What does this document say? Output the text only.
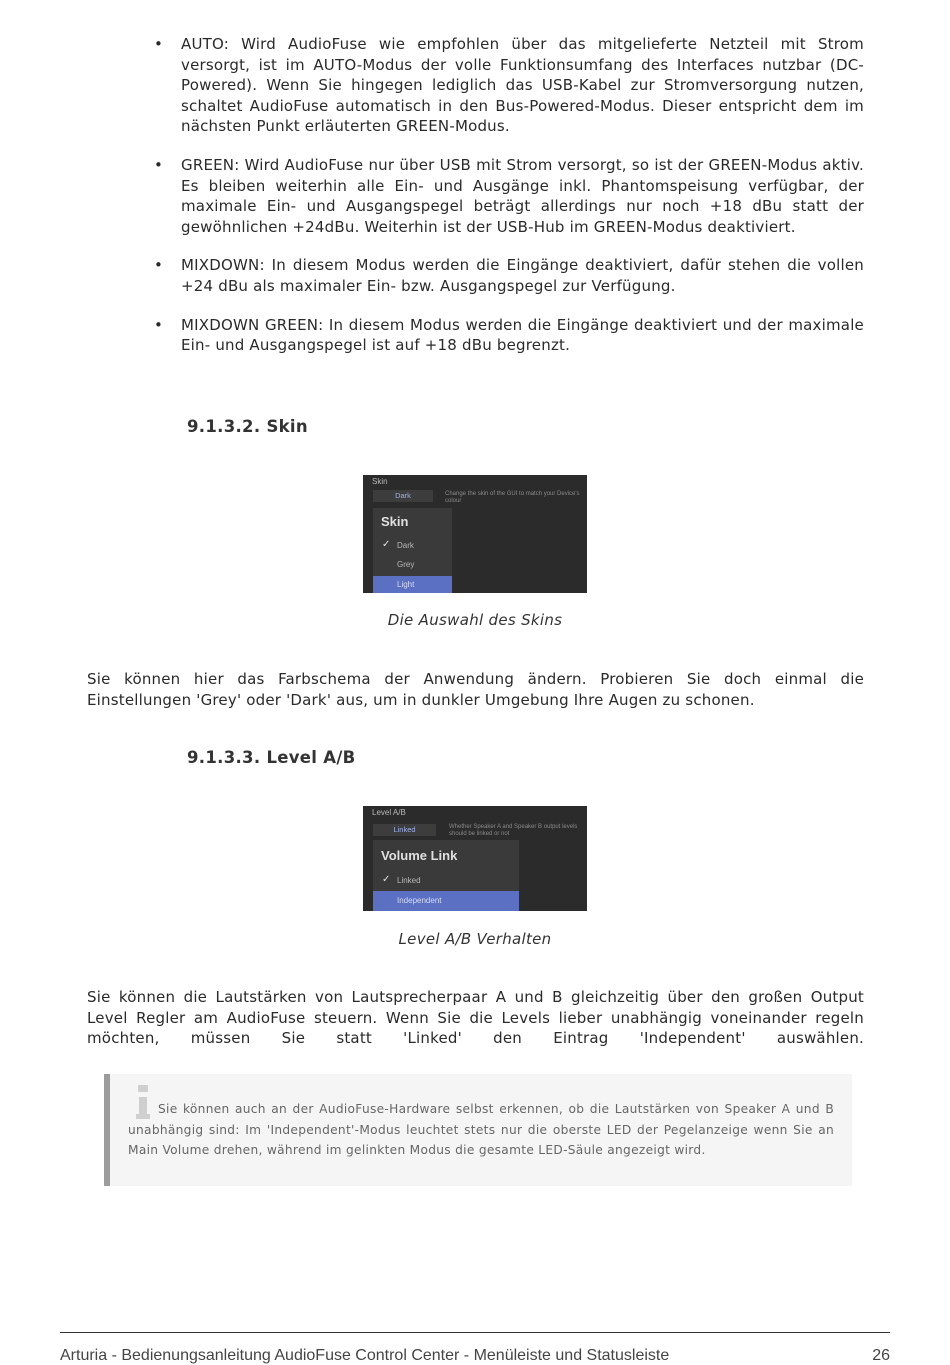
• AUTO: Wird AudioFuse wie empfohlen über das mitgelieferte Netzteil mit Strom versorgt, ist im AUTO-Modus der volle Funktionsumfang des Interfaces nutzbar (DC-Powered). Wenn Sie hingegen lediglich das USB-Kabel zur Stromversorgung nutzen, schaltet AudioFuse automatisch in den Bus-Powered-Modus. Dieser entspricht dem im nächsten Punkt erläuterten GREEN-Modus.
• GREEN: Wird AudioFuse nur über USB mit Strom versorgt, so ist der GREEN-Modus aktiv. Es bleiben weiterhin alle Ein- und Ausgänge inkl. Phantomspeisung verfügbar, der maximale Ein- und Ausgangspegel beträgt allerdings nur noch +18 dBu statt der gewöhnlichen +24dBu. Weiterhin ist der USB-Hub im GREEN-Modus deaktiviert.
• MIXDOWN: In diesem Modus werden die Eingänge deaktiviert, dafür stehen die vollen +24 dBu als maximaler Ein- bzw. Ausgangspegel zur Verfügung.
• MIXDOWN GREEN: In diesem Modus werden die Eingänge deaktiviert und der maximale Ein- und Ausgangspegel ist auf +18 dBu begrenzt.
9.1.3.2. Skin
Skin
Dark	Change the skin of the GUI to match your Device's colour
Skin
✓ Dark
Grey
Light
Die Auswahl des Skins
Sie können hier das Farbschema der Anwendung ändern. Probieren Sie doch einmal die Einstellungen 'Grey' oder 'Dark' aus, um in dunkler Umgebung Ihre Augen zu schonen.
9.1.3.3. Level A/B
Level A/B
Linked	Whether Speaker A and Speaker B output levels should be linked or not
Volume Link
✓ Linked
Independent
Level A/B Verhalten
Sie können die Lautstärken von Lautsprecherpaar A und B gleichzeitig über den großen Output Level Regler am AudioFuse steuern. Wenn Sie die Levels lieber unabhängig voneinander regeln möchten, müssen Sie statt 'Linked' den Eintrag 'Independent' auswählen.
Sie können auch an der AudioFuse-Hardware selbst erkennen, ob die Lautstärken von Speaker A und B unabhängig sind: Im 'Independent'-Modus leuchtet stets nur die oberste LED der Pegelanzeige wenn Sie an Main Volume drehen, während im gelinkten Modus die gesamte LED-Säule angezeigt wird.
Arturia - Bedienungsanleitung AudioFuse Control Center - Menüleiste und Statusleiste	26
